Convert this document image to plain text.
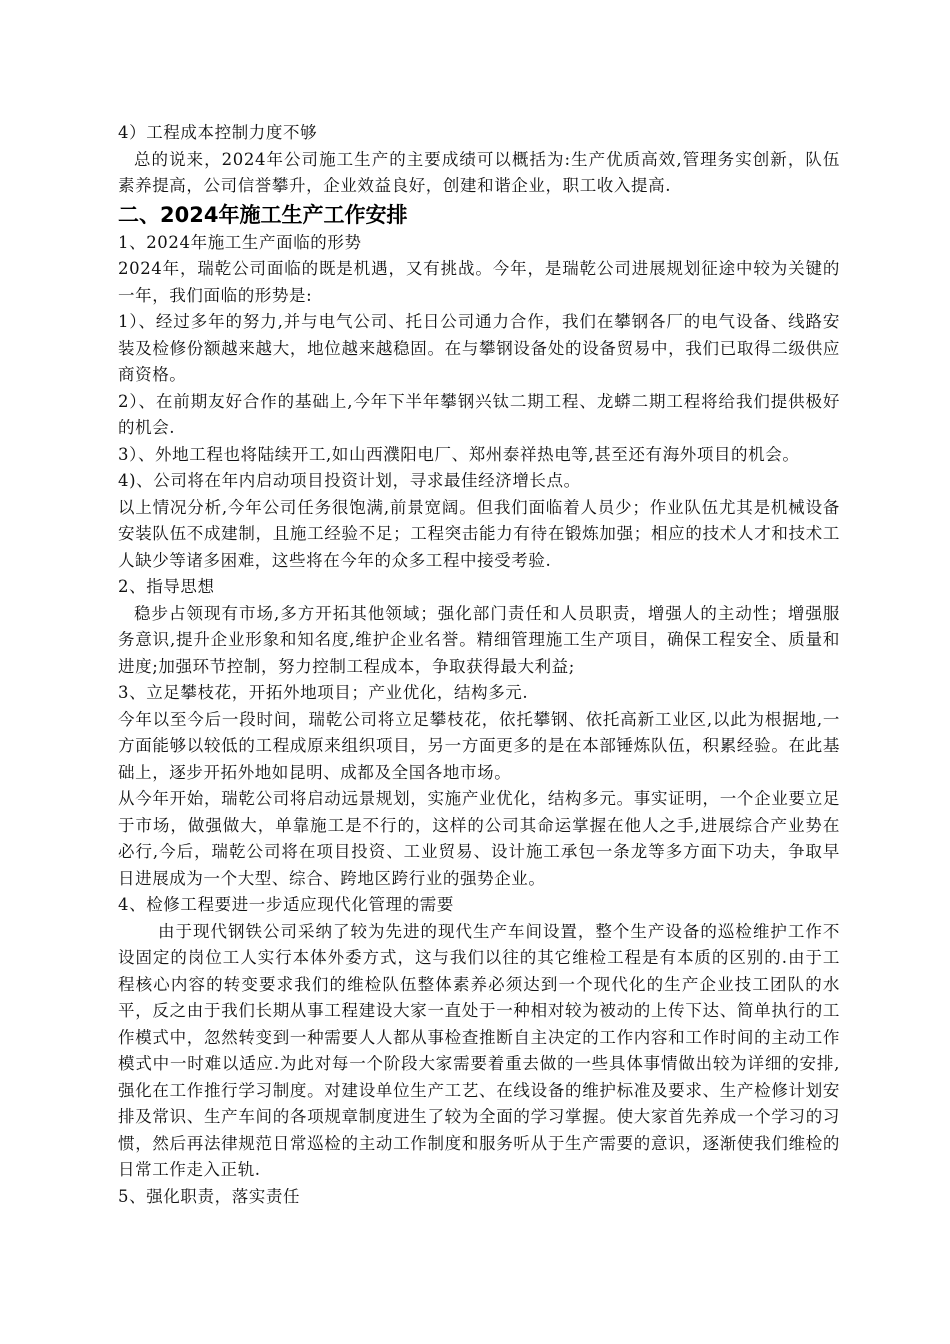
4）工程成本控制力度不够

总的说来，2024年公司施工生产的主要成绩可以概括为:生产优质高效,管理务实创新，队伍素养提高，公司信誉攀升，企业效益良好，创建和谐企业，职工收入提高.

二、2024年施工生产工作安排

1、2024年施工生产面临的形势

2024年，瑞乾公司面临的既是机遇，又有挑战。今年，是瑞乾公司进展规划征途中较为关键的一年，我们面临的形势是:

1）、经过多年的努力,并与电气公司、托日公司通力合作，我们在攀钢各厂的电气设备、线路安装及检修份额越来越大，地位越来越稳固。在与攀钢设备处的设备贸易中，我们已取得二级供应商资格。

2）、在前期友好合作的基础上,今年下半年攀钢兴钛二期工程、龙蟒二期工程将给我们提供极好的机会.

3）、外地工程也将陆续开工,如山西濮阳电厂、郑州泰祥热电等,甚至还有海外项目的机会。

4)、公司将在年内启动项目投资计划，寻求最佳经济增长点。

以上情况分析,今年公司任务很饱满,前景宽阔。但我们面临着人员少；作业队伍尤其是机械设备安装队伍不成建制，且施工经验不足；工程突击能力有待在锻炼加强；相应的技术人才和技术工人缺少等诸多困难，这些将在今年的众多工程中接受考验.

2、指导思想

稳步占领现有市场,多方开拓其他领域；强化部门责任和人员职责，增强人的主动性；增强服务意识,提升企业形象和知名度,维护企业名誉。精细管理施工生产项目，确保工程安全、质量和进度;加强环节控制，努力控制工程成本，争取获得最大利益;

3、立足攀枝花，开拓外地项目；产业优化，结构多元.

今年以至今后一段时间，瑞乾公司将立足攀枝花，依托攀钢、依托高新工业区,以此为根据地,一方面能够以较低的工程成原来组织项目，另一方面更多的是在本部锤炼队伍，积累经验。在此基础上，逐步开拓外地如昆明、成都及全国各地市场。

从今年开始，瑞乾公司将启动远景规划，实施产业优化，结构多元。事实证明，一个企业要立足于市场，做强做大，单靠施工是不行的，这样的公司其命运掌握在他人之手,进展综合产业势在必行,今后，瑞乾公司将在项目投资、工业贸易、设计施工承包一条龙等多方面下功夫，争取早日进展成为一个大型、综合、跨地区跨行业的强势企业。

4、检修工程要进一步适应现代化管理的需要

由于现代钢铁公司采纳了较为先进的现代生产车间设置，整个生产设备的巡检维护工作不设固定的岗位工人实行本体外委方式，这与我们以往的其它维检工程是有本质的区别的.由于工程核心内容的转变要求我们的维检队伍整体素养必须达到一个现代化的生产企业技工团队的水平，反之由于我们长期从事工程建设大家一直处于一种相对较为被动的上传下达、简单执行的工作模式中，忽然转变到一种需要人人都从事检查推断自主决定的工作内容和工作时间的主动工作模式中一时难以适应.为此对每一个阶段大家需要着重去做的一些具体事情做出较为详细的安排,强化在工作推行学习制度。对建设单位生产工艺、在线设备的维护标准及要求、生产检修计划安排及常识、生产车间的各项规章制度进生了较为全面的学习掌握。使大家首先养成一个学习的习惯，然后再法律规范日常巡检的主动工作制度和服务听从于生产需要的意识，逐渐使我们维检的日常工作走入正轨.

5、强化职责，落实责任
